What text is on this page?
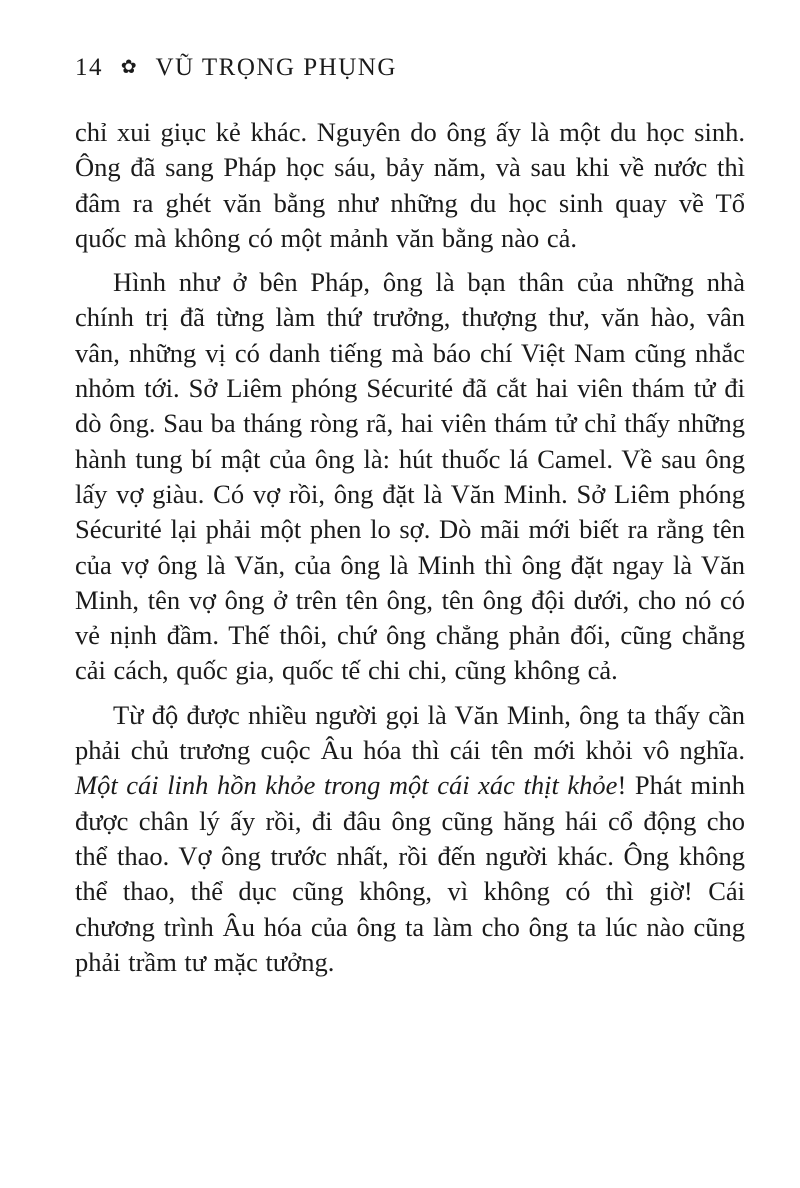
14 ✿ VŨ TRỌNG PHỤNG

chỉ xui giục kẻ khác. Nguyên do ông ấy là một du học sinh. Ông đã sang Pháp học sáu, bảy năm, và sau khi về nước thì đâm ra ghét văn bằng như những du học sinh quay về Tổ quốc mà không có một mảnh văn bằng nào cả.

Hình như ở bên Pháp, ông là bạn thân của những nhà chính trị đã từng làm thứ trưởng, thượng thư, văn hào, vân vân, những vị có danh tiếng mà báo chí Việt Nam cũng nhắc nhỏm tới. Sở Liêm phóng Sécurité đã cắt hai viên thám tử đi dò ông. Sau ba tháng ròng rã, hai viên thám tử chỉ thấy những hành tung bí mật của ông là: hút thuốc lá Camel. Về sau ông lấy vợ giàu. Có vợ rồi, ông đặt là Văn Minh. Sở Liêm phóng Sécurité lại phải một phen lo sợ. Dò mãi mới biết ra rằng tên của vợ ông là Văn, của ông là Minh thì ông đặt ngay là Văn Minh, tên vợ ông ở trên tên ông, tên ông đội dưới, cho nó có vẻ nịnh đầm. Thế thôi, chứ ông chẳng phản đối, cũng chẳng cải cách, quốc gia, quốc tế chi chi, cũng không cả.

Từ độ được nhiều người gọi là Văn Minh, ông ta thấy cần phải chủ trương cuộc Âu hóa thì cái tên mới khỏi vô nghĩa. Một cái linh hồn khỏe trong một cái xác thịt khỏe! Phát minh được chân lý ấy rồi, đi đâu ông cũng hăng hái cổ động cho thể thao. Vợ ông trước nhất, rồi đến người khác. Ông không thể thao, thể dục cũng không, vì không có thì giờ! Cái chương trình Âu hóa của ông ta làm cho ông ta lúc nào cũng phải trầm tư mặc tưởng.
